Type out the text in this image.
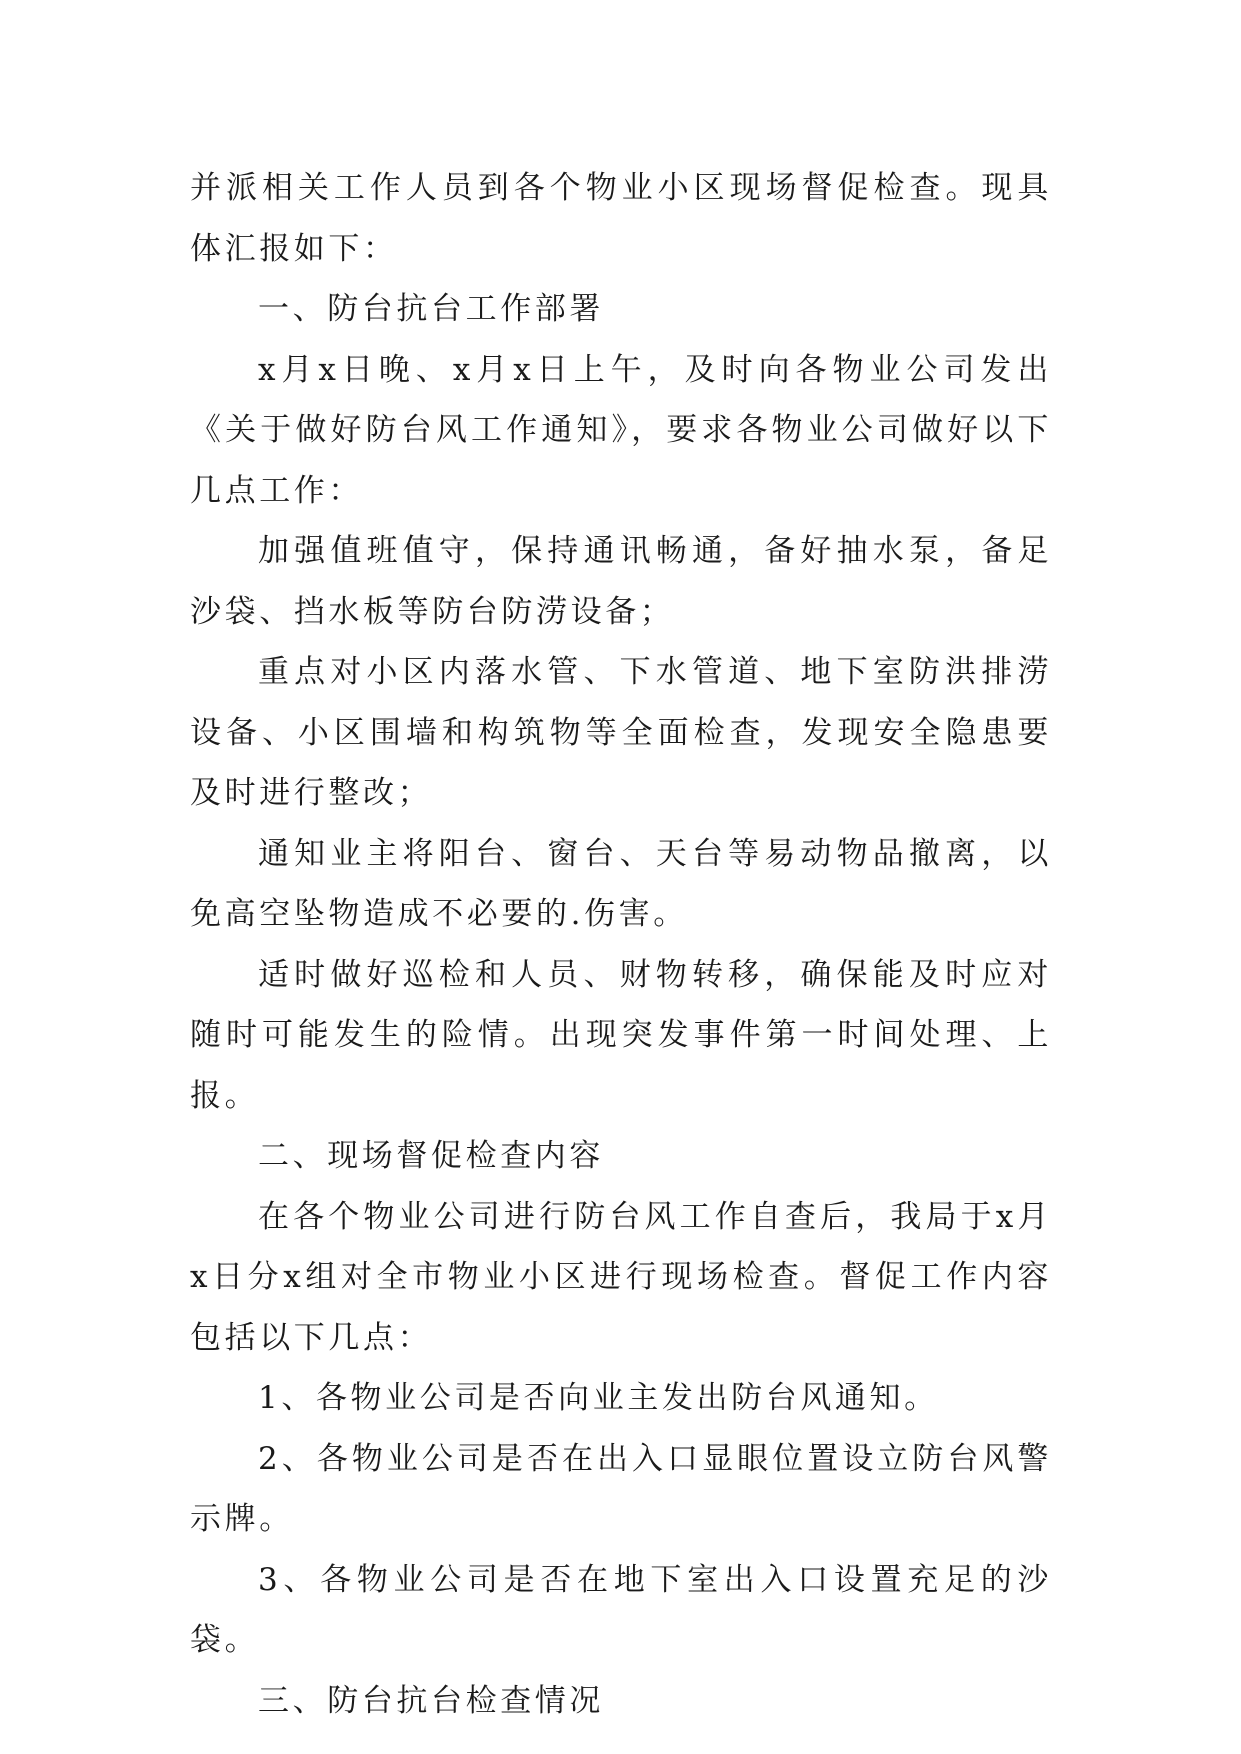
并派相关工作人员到各个物业小区现场督促检查。现具体汇报如下：

一、防台抗台工作部署

x月x日晚、x月x日上午，及时向各物业公司发出《关于做好防台风工作通知》，要求各物业公司做好以下几点工作：

加强值班值守，保持通讯畅通，备好抽水泵，备足沙袋、挡水板等防台防涝设备；

重点对小区内落水管、下水管道、地下室防洪排涝设备、小区围墙和构筑物等全面检查，发现安全隐患要及时进行整改；

通知业主将阳台、窗台、天台等易动物品撤离，以免高空坠物造成不必要的.伤害。

适时做好巡检和人员、财物转移，确保能及时应对随时可能发生的险情。出现突发事件第一时间处理、上报。

二、现场督促检查内容

在各个物业公司进行防台风工作自查后，我局于x月x日分x组对全市物业小区进行现场检查。督促工作内容包括以下几点：

1、各物业公司是否向业主发出防台风通知。

2、各物业公司是否在出入口显眼位置设立防台风警示牌。

3、各物业公司是否在地下室出入口设置充足的沙袋。

三、防台抗台检查情况
